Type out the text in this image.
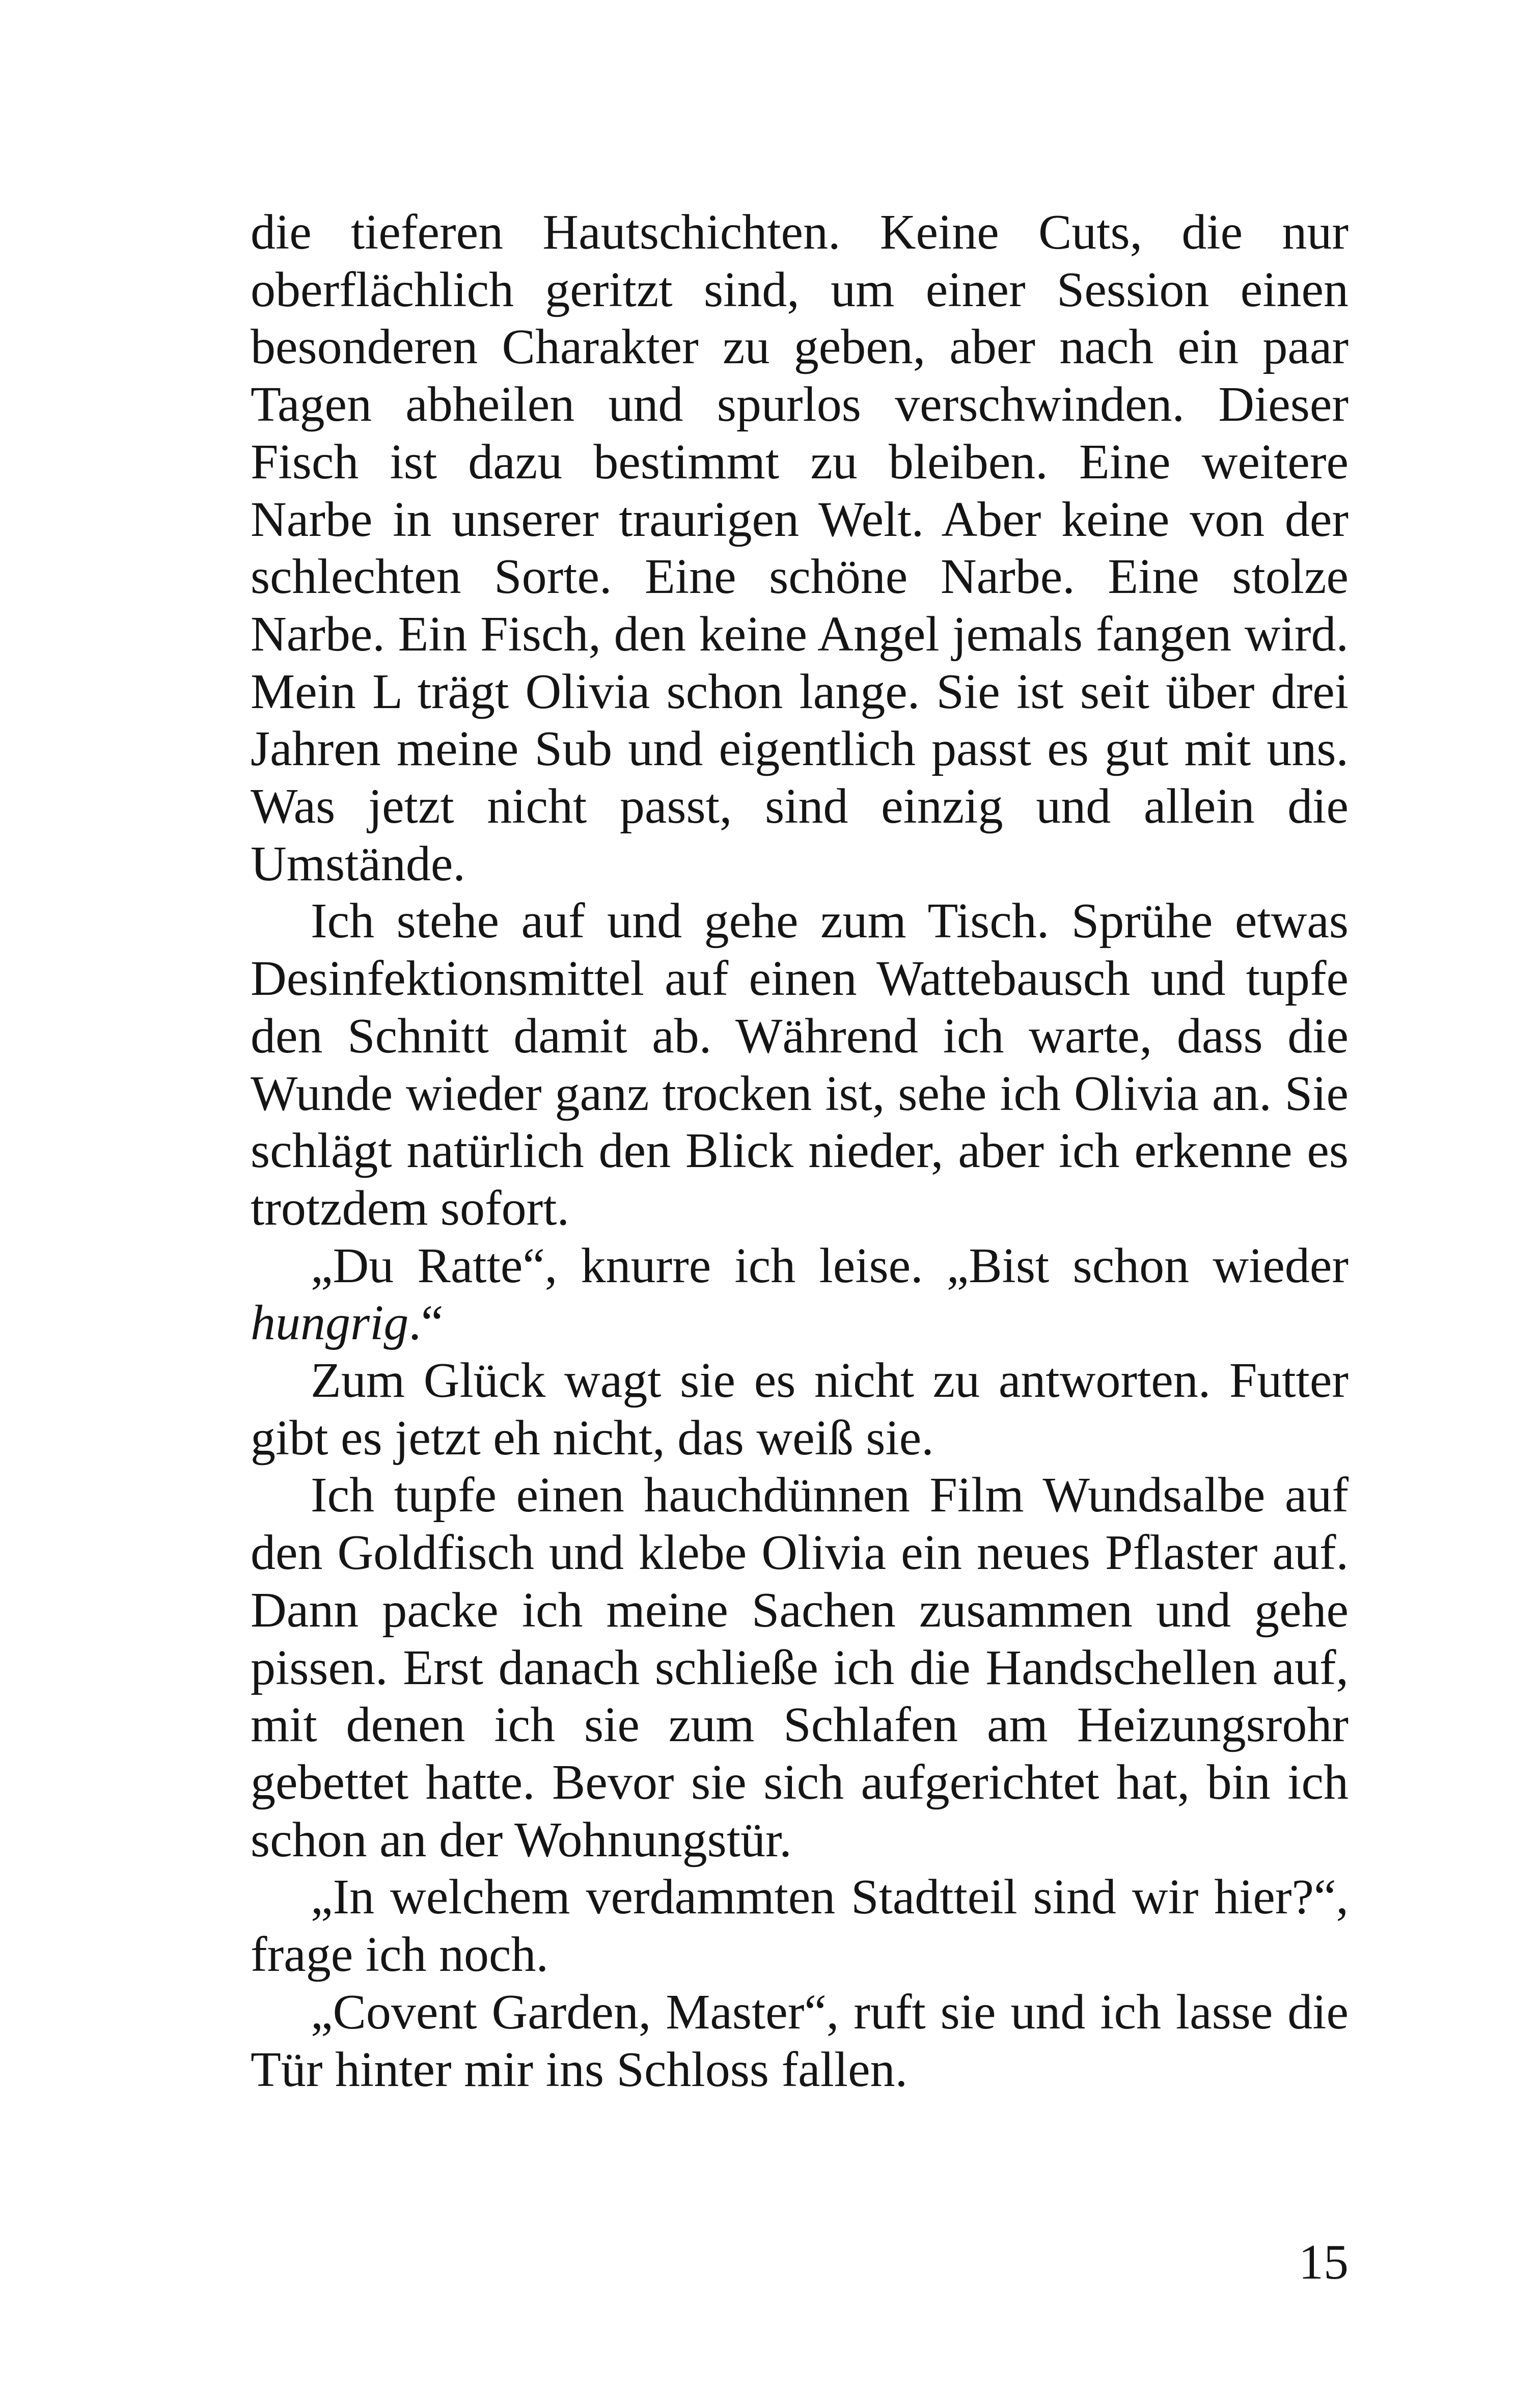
die tieferen Hautschichten. Keine Cuts, die nur oberflächlich geritzt sind, um einer Session einen besonderen Charakter zu geben, aber nach ein paar Tagen abheilen und spurlos verschwinden. Dieser Fisch ist dazu bestimmt zu bleiben. Eine weitere Narbe in unserer traurigen Welt. Aber keine von der schlechten Sorte. Eine schöne Narbe. Eine stolze Narbe. Ein Fisch, den keine Angel jemals fangen wird. Mein L trägt Olivia schon lange. Sie ist seit über drei Jahren meine Sub und eigentlich passt es gut mit uns. Was jetzt nicht passt, sind einzig und allein die Umstände.

Ich stehe auf und gehe zum Tisch. Sprühe etwas Desinfektionsmittel auf einen Wattebausch und tupfe den Schnitt damit ab. Während ich warte, dass die Wunde wieder ganz trocken ist, sehe ich Olivia an. Sie schlägt natürlich den Blick nieder, aber ich erkenne es trotzdem sofort.

„Du Ratte“, knurre ich leise. „Bist schon wieder hungrig.“

Zum Glück wagt sie es nicht zu antworten. Futter gibt es jetzt eh nicht, das weiß sie.

Ich tupfe einen hauchdünnen Film Wundsalbe auf den Goldfisch und klebe Olivia ein neues Pflaster auf. Dann packe ich meine Sachen zusammen und gehe pissen. Erst danach schließe ich die Handschellen auf, mit denen ich sie zum Schlafen am Heizungsrohr gebettet hatte. Bevor sie sich aufgerichtet hat, bin ich schon an der Wohnungstür.

„In welchem verdammten Stadtteil sind wir hier?“, frage ich noch.

„Covent Garden, Master“, ruft sie und ich lasse die Tür hinter mir ins Schloss fallen.

15
